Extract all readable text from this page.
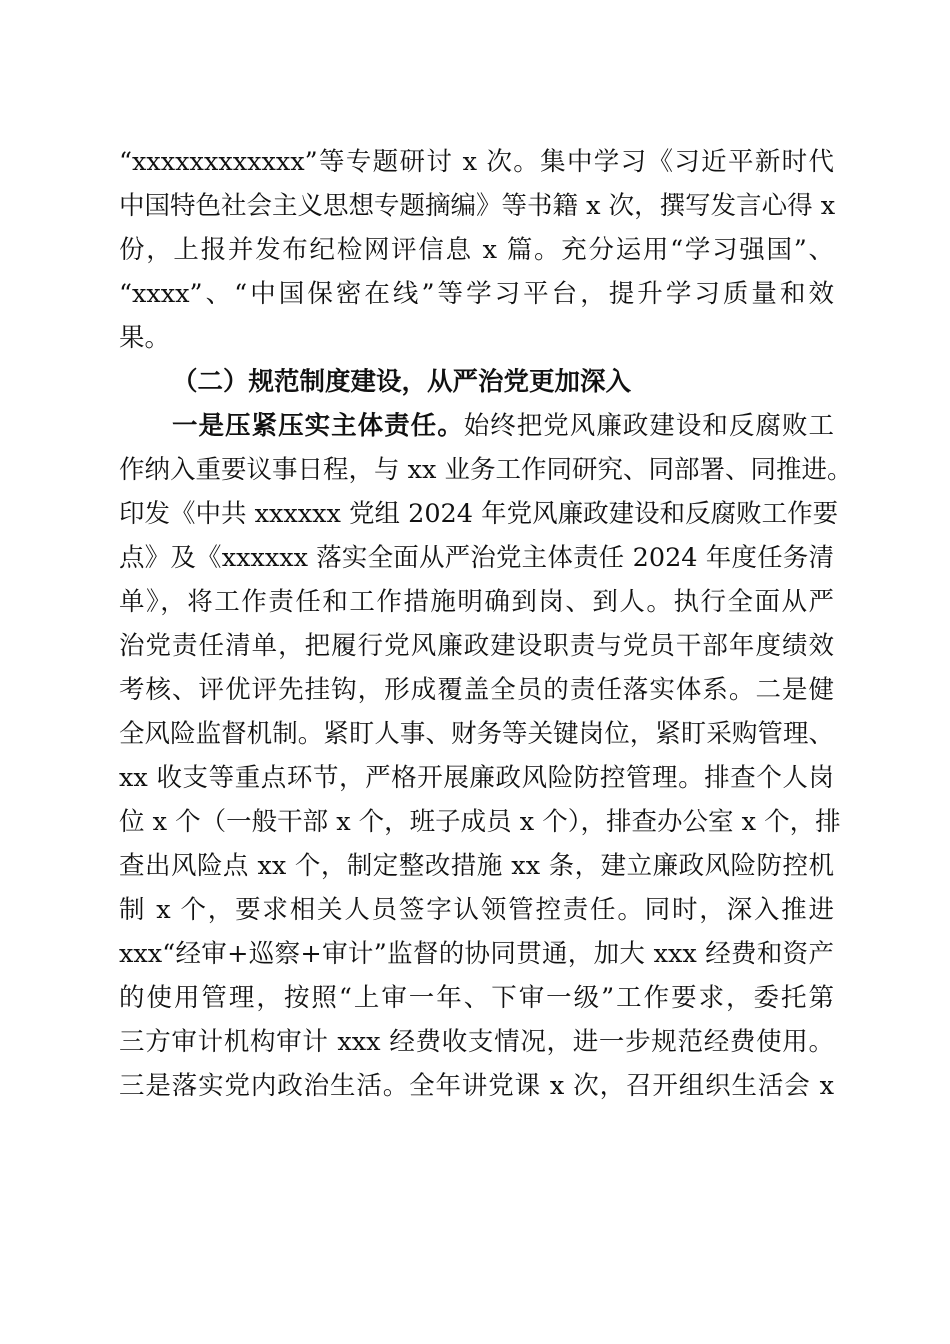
“xxxxxxxxxxxx”等专题研讨 x 次。集中学习《习近平新时代
中国特色社会主义思想专题摘编》等书籍 x 次，撰写发言心得 x
份，上报并发布纪检网评信息 x 篇。充分运用“学习强国”、
“xxxx”、“中国保密在线”等学习平台，提升学习质量和效
果。
（二）规范制度建设，从严治党更加深入
一是压紧压实主体责任。始终把党风廉政建设和反腐败工
作纳入重要议事日程，与 xx 业务工作同研究、同部署、同推进。
印发《中共 xxxxxx 党组 2024 年党风廉政建设和反腐败工作要
点》及《xxxxxx 落实全面从严治党主体责任 2024 年度任务清
单》，将工作责任和工作措施明确到岗、到人。执行全面从严
治党责任清单，把履行党风廉政建设职责与党员干部年度绩效
考核、评优评先挂钩，形成覆盖全员的责任落实体系。二是健
全风险监督机制。紧盯人事、财务等关键岗位，紧盯采购管理、
xx 收支等重点环节，严格开展廉政风险防控管理。排查个人岗
位 x 个（一般干部 x 个，班子成员 x 个），排查办公室 x 个，排
查出风险点 xx 个，制定整改措施 xx 条，建立廉政风险防控机
制 x 个，要求相关人员签字认领管控责任。同时，深入推进
xxx“经审+巡察+审计”监督的协同贯通，加大 xxx 经费和资产
的使用管理，按照“上审一年、下审一级”工作要求，委托第
三方审计机构审计 xxx 经费收支情况，进一步规范经费使用。
三是落实党内政治生活。全年讲党课 x 次，召开组织生活会 x
